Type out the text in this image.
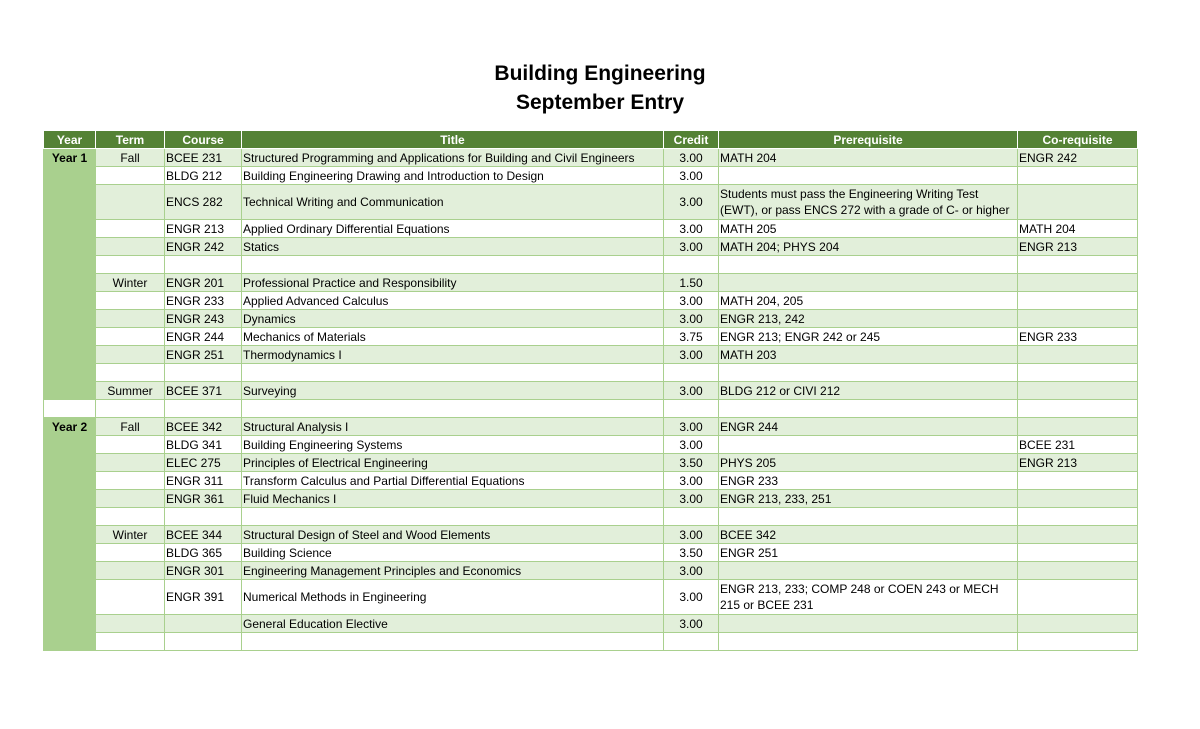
Building Engineering
September Entry
Year	Term	Course	Title	Credit	Prerequisite	Co-requisite
Year 1	Fall	BCEE 231	Structured Programming and Applications for Building and Civil Engineers	3.00	MATH 204	ENGR 242
		BLDG 212	Building Engineering Drawing and Introduction to Design	3.00		
		ENCS 282	Technical Writing and Communication	3.00	Students must pass the Engineering Writing Test (EWT), or pass ENCS 272 with a grade of C- or higher	
		ENGR 213	Applied Ordinary Differential Equations	3.00	MATH 205	MATH 204
		ENGR 242	Statics	3.00	MATH 204; PHYS 204	ENGR 213

	Winter	ENGR 201	Professional Practice and Responsibility	1.50		
		ENGR 233	Applied Advanced Calculus	3.00	MATH 204, 205	
		ENGR 243	Dynamics	3.00	ENGR 213, 242	
		ENGR 244	Mechanics of Materials	3.75	ENGR 213; ENGR 242 or 245	ENGR 233
		ENGR 251	Thermodynamics I	3.00	MATH 203	

	Summer	BCEE 371	Surveying	3.00	BLDG 212 or CIVI 212	

Year 2	Fall	BCEE 342	Structural Analysis I	3.00	ENGR 244	
		BLDG 341	Building Engineering Systems	3.00		BCEE 231
		ELEC 275	Principles of Electrical Engineering	3.50	PHYS 205	ENGR 213
		ENGR 311	Transform Calculus and Partial Differential Equations	3.00	ENGR 233	
		ENGR 361	Fluid Mechanics I	3.00	ENGR 213, 233, 251	

	Winter	BCEE 344	Structural Design of Steel and Wood Elements	3.00	BCEE 342	
		BLDG 365	Building Science	3.50	ENGR 251	
		ENGR 301	Engineering Management Principles and Economics	3.00		
		ENGR 391	Numerical Methods in Engineering	3.00	ENGR 213, 233; COMP 248 or COEN 243 or MECH 215 or BCEE 231	
			General Education Elective	3.00		
